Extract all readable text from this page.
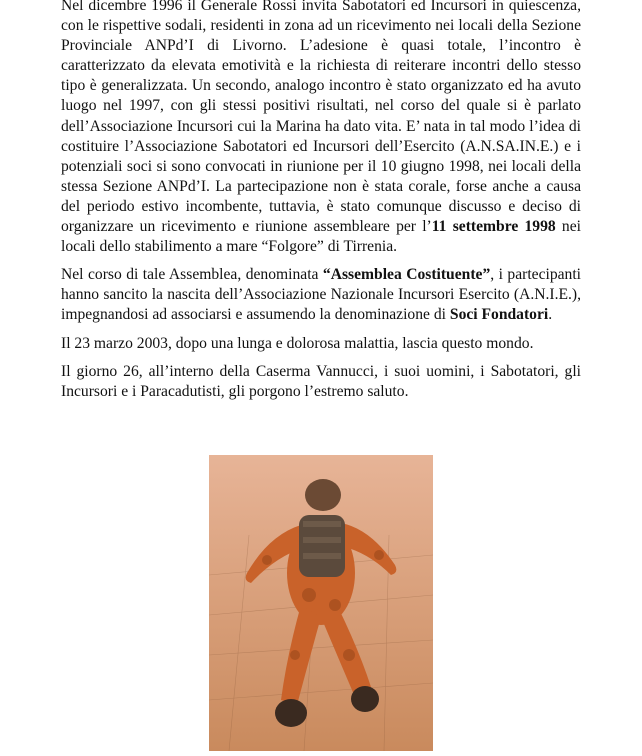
Nel dicembre 1996 il Generale Rossi invita Sabotatori ed Incursori in quiescenza, con le rispettive sodali, residenti in zona ad un ricevimento nei locali della Sezione Provinciale ANPd’I di Livorno. L’adesione è quasi totale, l’incontro è caratterizzato da elevata emotività e la richiesta di reiterare incontri dello stesso tipo è generalizzata. Un secondo, analogo incontro è stato organizzato ed ha avuto luogo nel 1997, con gli stessi positivi risultati, nel corso del quale si è parlato dell’Associazione Incursori cui la Marina ha dato vita. E’ nata in tal modo l’idea di costituire l’Associazione Sabotatori ed Incursori dell’Esercito (A.N.SA.IN.E.) e i potenziali soci si sono convocati in riunione per il 10 giugno 1998, nei locali della stessa Sezione ANPd’I. La partecipazione non è stata corale, forse anche a causa del periodo estivo incombente, tuttavia, è stato comunque discusso e deciso di organizzare un ricevimento e riunione assembleare per l’11 settembre 1998 nei locali dello stabilimento a mare “Folgore” di Tirrenia.

Nel corso di tale Assemblea, denominata “Assemblea Costituente”, i partecipanti hanno sancito la nascita dell’Associazione Nazionale Incursori Esercito (A.N.I.E.), impegnandosi ad associarsi e assumendo la denominazione di Soci Fondatori.

Il 23 marzo 2003, dopo una lunga e dolorosa malattia, lascia questo mondo.

Il giorno 26, all’interno della Caserma Vannucci, i suoi uomini, i Sabotatori, gli Incursori e i Paracadutisti, gli porgono l’estremo saluto.
